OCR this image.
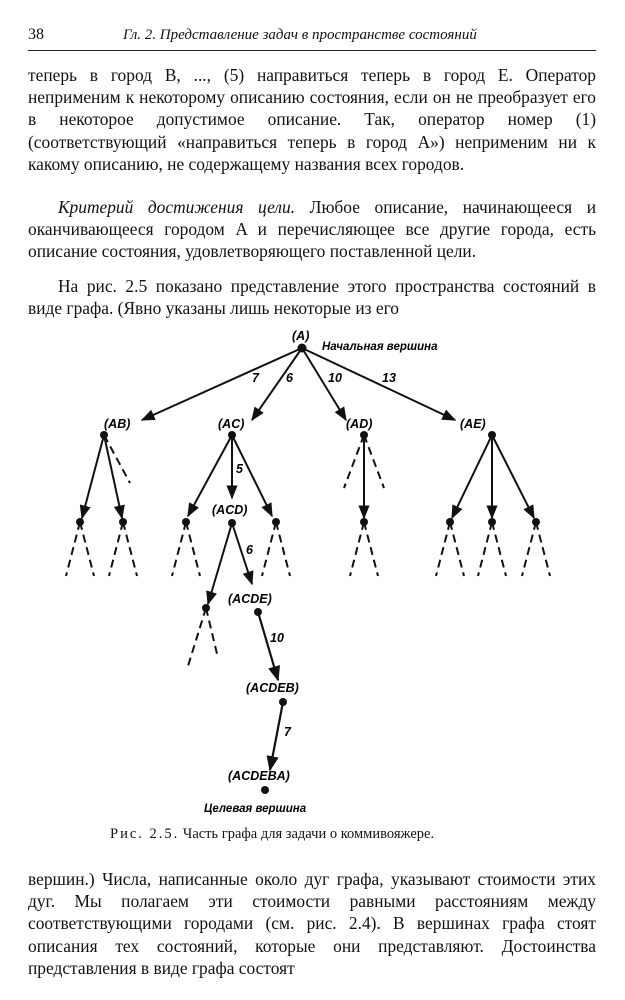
38	Гл. 2. Представление задач в пространстве состояний

теперь в город B, ..., (5) направиться теперь в город E. Оператор неприменим к некоторому описанию состояния, если он не преобразует его в некоторое допустимое описание. Так, оператор номер (1) (соответствующий «направиться теперь в город A») неприменим ни к какому описанию, не содержащему названия всех городов.

Критерий достижения цели. Любое описание, начинающееся и оканчивающееся городом A и перечисляющее все другие города, есть описание состояния, удовлетворяющего поставленной цели.

На рис. 2.5 показано представление этого пространства состояний в виде графа. (Явно указаны лишь некоторые из его

(A)
Начальная вершина
7 6	10	13
(AB)	(AC)	(AD)	(AE)
5
(ACD)
6
(ACDE)
10
(ACDEB)
7
(ACDEBA)
Целевая вершина
Рис. 2.5. Часть графа для задачи о коммивояжере.

вершин.) Числа, написанные около дуг графа, указывают стоимости этих дуг. Мы полагаем эти стоимости равными расстояниям между соответствующими городами (см. рис. 2.4). В вершинах графа стоят описания тех состояний, которые они представляют. Достоинства представления в виде графа состоят
